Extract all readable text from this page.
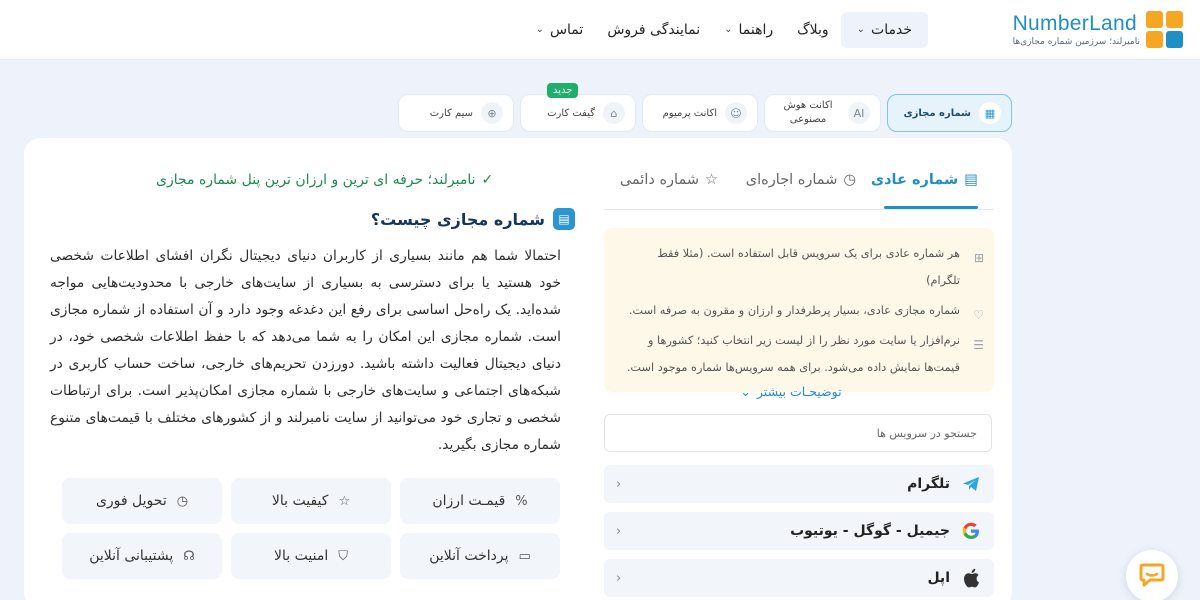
NumberLand
نامبرلند؛ سرزمین شماره مجازی‌ها
خدمات
⌄
وبلاگ
راهنما
⌄
نمایندگی فروش
تماس
⌄
▦
شماره مجازی
AI
اکانت هوش مصنوعی
☺
اکانت پرمیوم
⌂
گیفت کارت
جدید
⊕
سیم کارت
✓
نامبرلند؛ حرفه ای ترین و ارزان ترین پنل شماره مجازی
▤
شماره مجازی چیست؟
احتمالا شما هم مانند بسیاری از کاربران دنیای دیجیتال نگران افشای اطلاعات شخصی خود هستید یا برای دسترسی به بسیاری از سایت‌های خارجی با محدودیت‌هایی مواجه شده‌اید. یک راه‌حل اساسی برای رفع این دغدغه وجود دارد و آن استفاده از شماره مجازی است. شماره مجازی این امکان را به شما می‌دهد که با حفظ اطلاعات شخصی خود، در دنیای دیجیتال فعالیت داشته باشید. دورزدن تحریم‌های خارجی، ساخت حساب کاربری در شبکه‌های اجتماعی و سایت‌های خارجی با شماره مجازی امکان‌پذیر است. برای ارتباطات شخصی و تجاری خود می‌توانید از سایت نامبرلند و از کشورهای مختلف با قیمت‌های متنوع شماره مجازی بگیرید.
%
قیمـت ارزان
☆
کیفیت بالا
◷
تحویل فوری
▭
پرداخت آنلاین
⛉
امنیت بالا
☊
پشتیبانی آنلاین
▤
شماره عادی
◷
شماره اجاره‌ای
☆
شماره دائمی
⊞
هر شماره عادی برای یک سرویس قابل استفاده است. (مثلا فقط تلگرام)
♡
شماره مجازی عادی، بسیار پرطرفدار و ارزان و مقرون به صرفه است.
☰
نرم‌افزار یا سایت مورد نظر را از لیست زیر انتخاب کنید؛ کشورها و قیمت‌ها نمایش داده می‌شود. برای همه سرویس‌ها شماره موجود است.
توضیحـات بیشتر
⌄
جستجو در سرویس ها
تلگرام
‹
جیمیل - گوگل - یوتیوب
‹
اپل
‹
